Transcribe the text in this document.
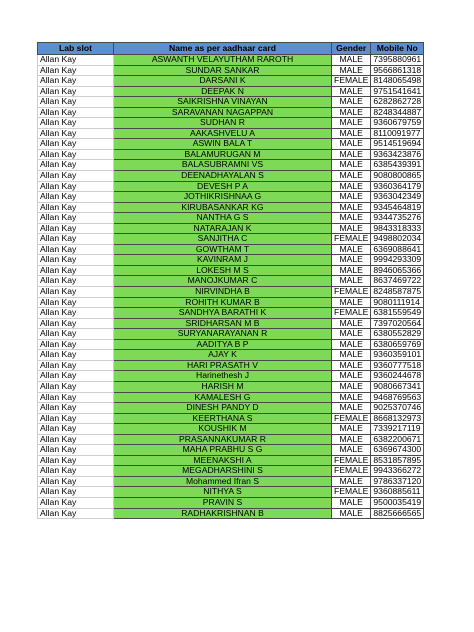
Lab slot	Name as per aadhaar card	Gender	Mobile No
Allan Kay	ASWANTH VELAYUTHAM RAROTH	MALE	7395880961
Allan Kay	SUNDAR SANKAR	MALE	9566861318
Allan Kay	DARSANI K	FEMALE	8148065498
Allan Kay	DEEPAK N	MALE	9751541641
Allan Kay	SAIKRISHNA VINAYAN	MALE	6282862728
Allan Kay	SARAVANAN NAGAPPAN	MALE	8248344887
Allan Kay	SUDHAN R	MALE	9360679759
Allan Kay	AAKASHVELU A	MALE	8110091977
Allan Kay	ASWIN BALA T	MALE	9514519694
Allan Kay	BALAMURUGAN M	MALE	9363423876
Allan Kay	BALASUBRAMNI VS	MALE	6385439391
Allan Kay	DEENADHAYALAN S	MALE	9080800865
Allan Kay	DEVESH P A	MALE	9360364179
Allan Kay	JOTHIKRISHNAA G	MALE	9363042349
Allan Kay	KIRUBASANKAR KG	MALE	9345464819
Allan Kay	NANTHA G S	MALE	9344735276
Allan Kay	NATARAJAN K	MALE	9843318333
Allan Kay	SANJITHA C	FEMALE	9498802034
Allan Kay	GOWTHAM T	MALE	6369088641
Allan Kay	KAVINRAM J	MALE	9994293309
Allan Kay	LOKESH M S	MALE	8946065366
Allan Kay	MANOJKUMAR C	MALE	8637469722
Allan Kay	NIRVINDHA B	FEMALE	8248587875
Allan Kay	ROHITH KUMAR B	MALE	9080111914
Allan Kay	SANDHYA BARATHI K	FEMALE	6381559549
Allan Kay	SRIDHARSAN M B	MALE	7397020564
Allan Kay	SURYANARAYANAN R	MALE	6380552829
Allan Kay	AADITYA B P	MALE	6380659769
Allan Kay	AJAY K	MALE	9360359101
Allan Kay	HARI PRASATH V	MALE	9360777518
Allan Kay	Harinethesh J	MALE	9360244678
Allan Kay	HARISH M	MALE	9080667341
Allan Kay	KAMALESH G	MALE	9468769563
Allan Kay	DINESH PANDY D	MALE	9025370746
Allan Kay	KEERTHANA S	FEMALE	8668132973
Allan Kay	KOUSHIK M	MALE	7339217119
Allan Kay	PRASANNAKUMAR R	MALE	6382200671
Allan Kay	MAHA PRABHU S G	MALE	6369674300
Allan Kay	MEENAKSHI A	FEMALE	8531857895
Allan Kay	MEGADHARSHINI S	FEMALE	9943366272
Allan Kay	Mohammed Ifran S	MALE	9786337120
Allan Kay	NITHYA S	FEMALE	9360885611
Allan Kay	PRAVIN S	MALE	9500035419
Allan Kay	RADHAKRISHNAN B	MALE	8825666565
